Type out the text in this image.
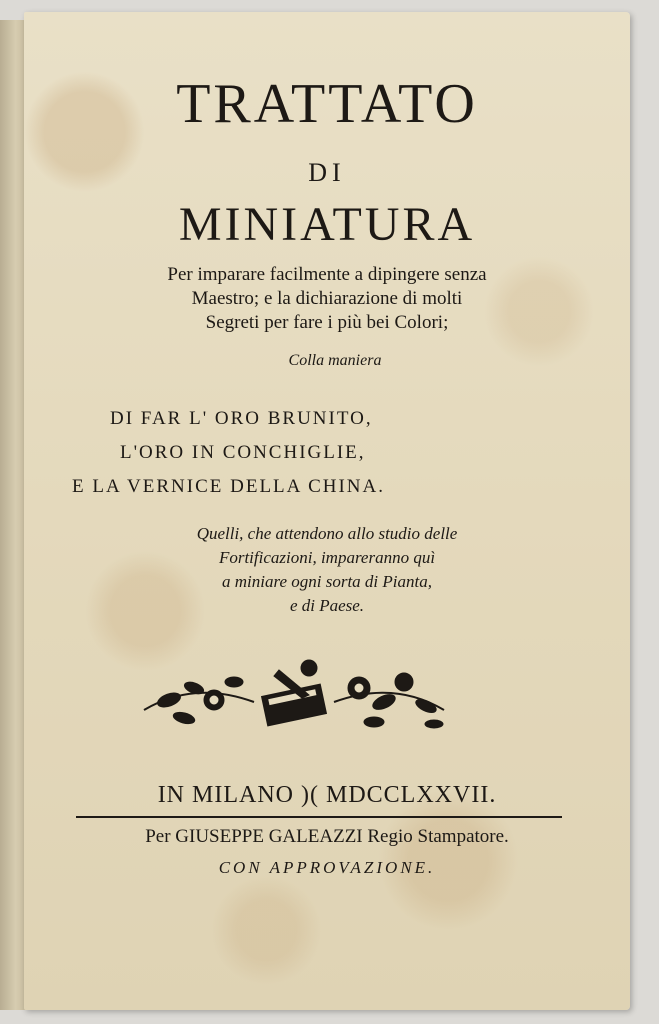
TRATTATO
DI
MINIATURA
Per imparare facilmente a dipingere senza
Maestro; e la dichiarazione di molti
Segreti per fare i più bei Colori;
Colla maniera
DI FAR L' ORO BRUNITO,
L'ORO IN CONCHIGLIE,
E LA VERNICE DELLA CHINA.
Quelli, che attendono allo studio delle
Fortificazioni, impareranno quì
a miniare ogni sorta di Pianta,
e di Paese.
IN MILANO )( MDCCLXXVII.
Per GIUSEPPE GALEAZZI Regio Stampatore.
CON APPROVAZIONE.
